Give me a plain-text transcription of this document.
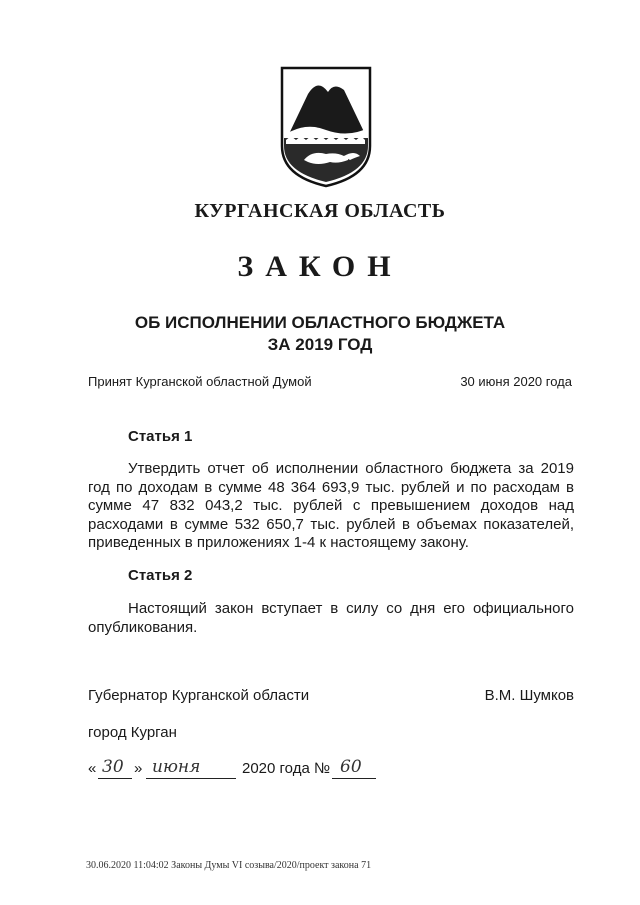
КУРГАНСКАЯ ОБЛАСТЬ
ЗАКОН
ОБ ИСПОЛНЕНИИ ОБЛАСТНОГО БЮДЖЕТА
ЗА 2019 ГОД
Принят Курганской областной Думой	30 июня 2020 года
Статья 1
Утвердить отчет об исполнении областного бюджета за 2019 год по доходам в сумме 48 364 693,9 тыс. рублей и по расходам в сумме 47 832 043,2 тыс. рублей с превышением доходов над расходами в сумме 532 650,7 тыс. рублей в объемах показателей, приведенных в приложениях 1-4 к настоящему закону.
Статья 2
Настоящий закон вступает в силу со дня его официального опубликования.
Губернатор Курганской области	В.М. Шумков
город Курган
« 30 » июня	2020 года № 60
30.06.2020 11:04:02 Законы Думы VI созыва/2020/проект закона 71
